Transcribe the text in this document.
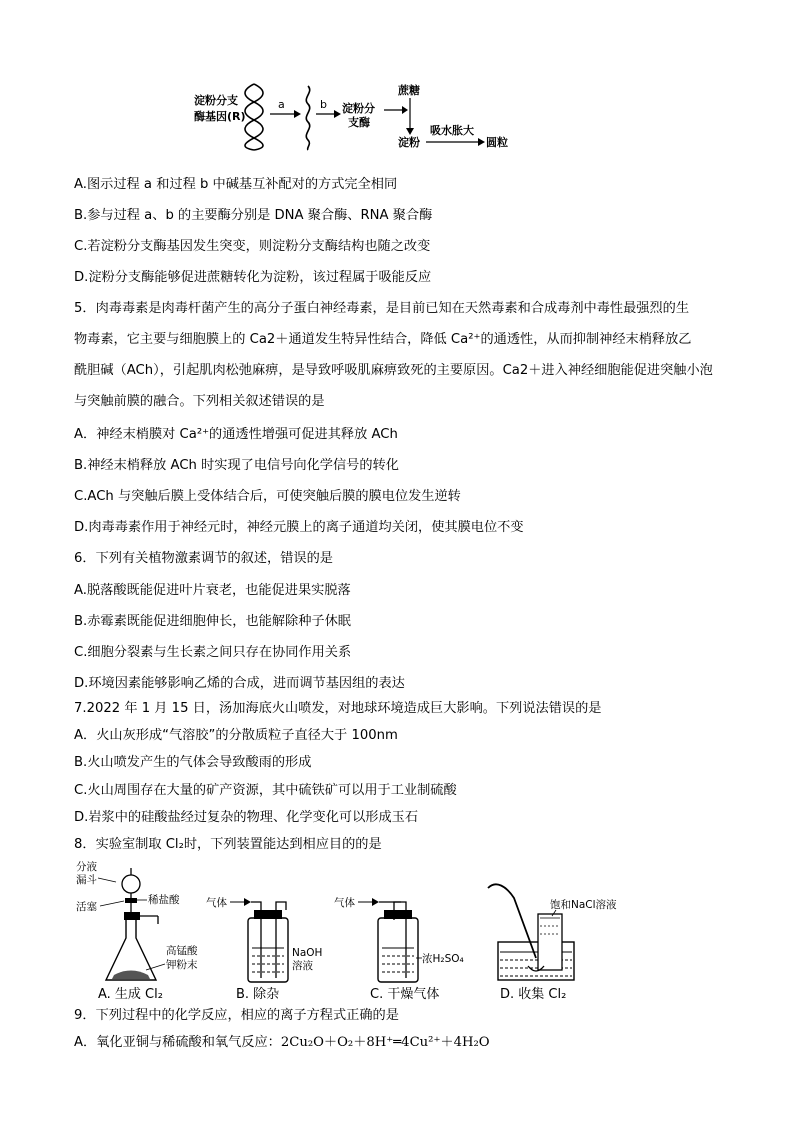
淀粉分支
酶基因(R)
a	b 淀粉分
支酶
蔗糖
淀粉
吸水胀大
圆粒
A.图示过程 a 和过程 b 中碱基互补配对的方式完全相同
B.参与过程 a、b 的主要酶分别是 DNA 聚合酶、RNA 聚合酶
C.若淀粉分支酶基因发生突变，则淀粉分支酶结构也随之改变
D.淀粉分支酶能够促进蔗糖转化为淀粉，该过程属于吸能反应
5．肉毒毒素是肉毒杆菌产生的高分子蛋白神经毒素，是目前已知在天然毒素和合成毒剂中毒性最强烈的生
物毒素，它主要与细胞膜上的 Ca2＋通道发生特异性结合，降低 Ca²⁺的通透性，从而抑制神经末梢释放乙
酰胆碱（ACh），引起肌肉松弛麻痹，是导致呼吸肌麻痹致死的主要原因。Ca2＋进入神经细胞能促进突触小泡
与突触前膜的融合。下列相关叙述错误的是
A．神经末梢膜对 Ca²⁺的通透性增强可促进其释放 ACh
B.神经末梢释放 ACh 时实现了电信号向化学信号的转化
C.ACh 与突触后膜上受体结合后，可使突触后膜的膜电位发生逆转
D.肉毒毒素作用于神经元时，神经元膜上的离子通道均关闭，使其膜电位不变
6．下列有关植物激素调节的叙述，错误的是
A.脱落酸既能促进叶片衰老，也能促进果实脱落
B.赤霉素既能促进细胞伸长，也能解除种子休眠
C.细胞分裂素与生长素之间只存在协同作用关系
D.环境因素能够影响乙烯的合成，进而调节基因组的表达
7.2022 年 1 月 15 日，汤加海底火山喷发，对地球环境造成巨大影响。下列说法错误的是
A．火山灰形成“气溶胶”的分散质粒子直径大于 100nm
B.火山喷发产生的气体会导致酸雨的形成
C.火山周围存在大量的矿产资源，其中硫铁矿可以用于工业制硫酸
D.岩浆中的硅酸盐经过复杂的物理、化学变化可以形成玉石
8．实验室制取 Cl₂时，下列装置能达到相应目的的是
分液
漏斗
稀盐酸
活塞
高锰酸
钾粉末
A. 生成 Cl₂
气体
NaOH
溶液
B. 除杂
气体
浓H₂SO₄
C. 干燥气体
饱和NaCl溶液
D. 收集 Cl₂
9．下列过程中的化学反应，相应的离子方程式正确的是
A．氧化亚铜与稀硫酸和氧气反应：2Cu₂O＋O₂＋8H⁺═4Cu²⁺＋4H₂O
